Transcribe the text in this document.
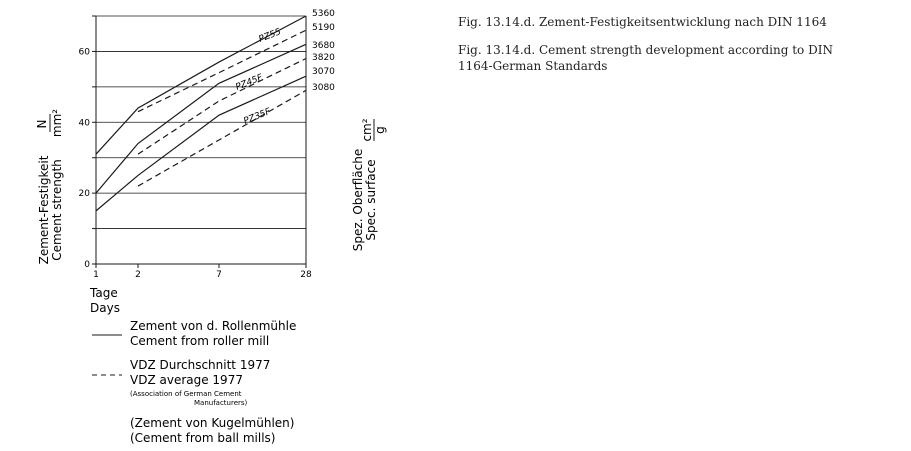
PZ55
PZ45F
PZ35F
1	2	7	28
0
20
40
60
5360
5190
3680
3820
3070
3080
Zement-Festigkeit Cement strength
N mm²
Spez. Oberfläche Spec. surface
cm² g
Tage
Days
Zement von d. Rollenmühle
Cement from roller mill
VDZ Durchschnitt 1977
VDZ average 1977
(Association of German Cement
Manufacturers)
(Zement von Kugelmühlen)
(Cement from ball mills)
Fig. 13.14.d. Zement-Festigkeitsentwicklung nach DIN 1164
Fig. 13.14.d. Cement strength development according to DIN
1164-German Standards
